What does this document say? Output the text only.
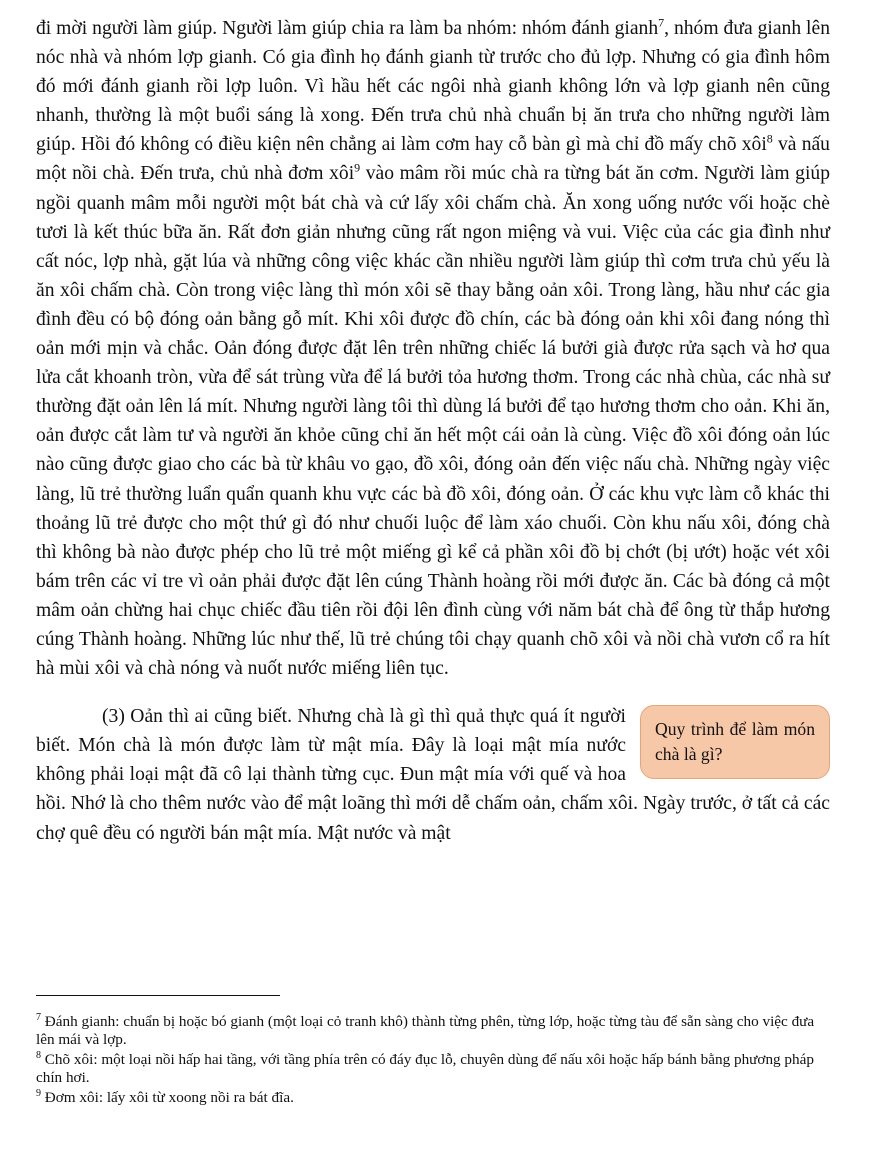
đi mời người làm giúp. Người làm giúp chia ra làm ba nhóm: nhóm đánh gianh$^7$, nhóm đưa gianh lên nóc nhà và nhóm lợp gianh. Có gia đình họ đánh gianh từ trước cho đủ lợp. Nhưng có gia đình hôm đó mới đánh gianh rồi lợp luôn. Vì hầu hết các ngôi nhà gianh không lớn và lợp gianh nên cũng nhanh, thường là một buổi sáng là xong. Đến trưa chủ nhà chuẩn bị ăn trưa cho những người làm giúp. Hồi đó không có điều kiện nên chẳng ai làm cơm hay cỗ bàn gì mà chỉ đồ mấy chõ xôi$^8$ và nấu một nồi chà. Đến trưa, chủ nhà đơm xôi$^9$ vào mâm rồi múc chà ra từng bát ăn cơm. Người làm giúp ngồi quanh mâm mỗi người một bát chà và cứ lấy xôi chấm chà. Ăn xong uống nước vối hoặc chè tươi là kết thúc bữa ăn. Rất đơn giản nhưng cũng rất ngon miệng và vui. Việc của các gia đình như cất nóc, lợp nhà, gặt lúa và những công việc khác cần nhiều người làm giúp thì cơm trưa chủ yếu là ăn xôi chấm chà. Còn trong việc làng thì món xôi sẽ thay bằng oản xôi. Trong làng, hầu như các gia đình đều có bộ đóng oản bằng gỗ mít. Khi xôi được đồ chín, các bà đóng oản khi xôi đang nóng thì oản mới mịn và chắc. Oản đóng được đặt lên trên những chiếc lá bưởi già được rửa sạch và hơ qua lửa cắt khoanh tròn, vừa để sát trùng vừa để lá bưởi tỏa hương thơm. Trong các nhà chùa, các nhà sư thường đặt oản lên lá mít. Nhưng người làng tôi thì dùng lá bưởi để tạo hương thơm cho oản. Khi ăn, oản được cắt làm tư và người ăn khỏe cũng chỉ ăn hết một cái oản là cùng. Việc đồ xôi đóng oản lúc nào cũng được giao cho các bà từ khâu vo gạo, đồ xôi, đóng oản đến việc nấu chà. Những ngày việc làng, lũ trẻ thường luẩn quẩn quanh khu vực các bà đồ xôi, đóng oản. Ở các khu vực làm cỗ khác thi thoảng lũ trẻ được cho một thứ gì đó như chuối luộc để làm xáo chuối. Còn khu nấu xôi, đóng chà thì không bà nào được phép cho lũ trẻ một miếng gì kể cả phần xôi đồ bị chớt (bị ướt) hoặc vét xôi bám trên các vỉ tre vì oản phải được đặt lên cúng Thành hoàng rồi mới được ăn. Các bà đóng cả một mâm oản chừng hai chục chiếc đầu tiên rồi đội lên đình cùng với năm bát chà để ông từ thắp hương cúng Thành hoàng. Những lúc như thế, lũ trẻ chúng tôi chạy quanh chõ xôi và nồi chà vươn cổ ra hít hà mùi xôi và chà nóng và nuốt nước miếng liên tục.

Quy trình để làm món chà là gì?

(3) Oản thì ai cũng biết. Nhưng chà là gì thì quả thực quá ít người biết. Món chà là món được làm từ mật mía. Đây là loại mật mía nước không phải loại mật đã cô lại thành từng cục. Đun mật mía với quế và hoa hồi. Nhớ là cho thêm nước vào để mật loãng thì mới dễ chấm oản, chấm xôi. Ngày trước, ở tất cả các chợ quê đều có người bán mật mía. Mật nước và mật

$^7$ Đánh gianh: chuẩn bị hoặc bó gianh (một loại cỏ tranh khô) thành từng phên, từng lớp, hoặc từng tàu để sẵn sàng cho việc đưa lên mái và lợp.

$^8$ Chõ xôi: một loại nồi hấp hai tầng, với tầng phía trên có đáy đục lỗ, chuyên dùng để nấu xôi hoặc hấp bánh bằng phương pháp chín hơi.

$^9$ Đơm xôi: lấy xôi từ xoong nồi ra bát đĩa.
